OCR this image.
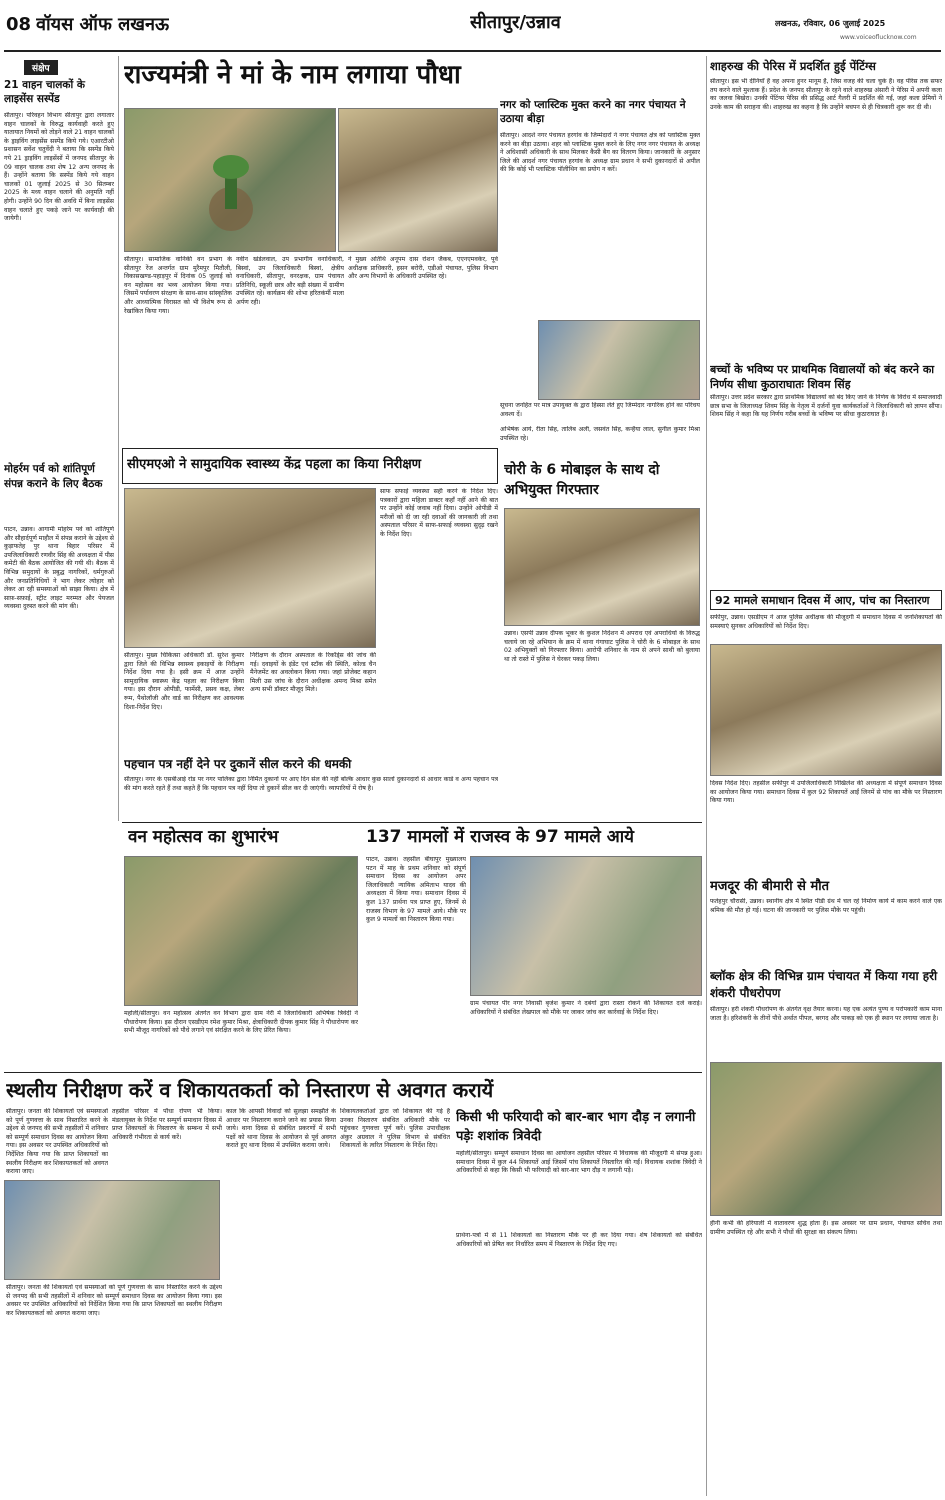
08 वॉयस ऑफ लखनऊ	सीतापुर/उन्नाव	लखनऊ, रविवार, 06 जुलाई 2025
www.voiceoflucknow.com
संक्षेप
21 वाहन चालकों के लाइसेंस सस्पेंड
सीतापुर। परिवहन विभाग सीतापुर द्वारा लगातार वाहन चालकों के विरुद्ध कार्यवाही करते हुए यातायात नियमों को तोड़ने वाले 21 वाहन चालकों के ड्राइविंग लाइसेंस सस्पेंड किये गये। एआरटीओ प्रशासन सर्वेश चतुर्वेदी ने बताया कि सस्पेंड किये गये 21 ड्राइविंग लाइसेंसों में जनपद सीतापुर के 09 वाहन चालक तथा शेष 12 अन्य जनपद के हैं। उन्होंने बताया कि सस्पेंड किये गये वाहन चालकों 01 जुलाई 2025 से 30 सितम्बर 2025 के मध्य वाहन चलाने की अनुमति नहीं होगी। उन्होंने 90 दिन की अवधि में बिना लाइसेंस वाहन चलाते हुए पकड़े जाने पर कार्यवाही की जायेगी।
मोहर्रम पर्व को शांतिपूर्ण संपन्न कराने के लिए बैठक
पाटन, उन्नाव। आगामी मोहर्रम पर्व को शांतिपूर्ण और सौहार्दपूर्ण माहौल में संपन्न कराने के उद्देश्य से कुड़ाफतेह पुर थाना बिहार परिसर में उपजिलाधिकारी रणवीर सिंह की अध्यक्षता में पीस कमेटी की बैठक आयोजित की गयी थी। बैठक में विभिन्न समुदायों के प्रबुद्ध नागरिकों, धर्मगुरुओं और जनप्रतिनिधियों ने भाग लेकर त्योहार को लेकर आ रही समस्याओं को साझा किया। क्षेत्र में साफ़-सफ़ाई, स्ट्रीट लाइट मरम्मत और पेयजल व्यवस्था दुरुस्त करने की मांग की।
राज्यमंत्री ने मां के नाम लगाया पौधा
सीतापुर। सामाजिक वानिकी वन प्रभाग के सीतापुर रेंज अन्तर्गत ग्राम मुरैमपुर मितौली, विकासखण्ड-पहाड़पुर में दिनांक 05 जुलाई को वन महोत्सव का भव्य आयोजन किया गया। जिसमें पर्यावरण संरक्षण के साथ-साथ सांस्कृतिक और आध्यात्मिक विरासत को भी विशेष रूप से रेखांकित किया गया।
नवीन खंडेलवाल, उप प्रभागीय वनाधिकारी, बिस्वां, उप जिलाधिकारी बिस्वां, क्षेत्रीय वनाधिकारी, सीतापुर, वनरक्षक, ग्राम पंचायत प्रतिनिधि, स्कूली छात्र और बड़ी संख्या में ग्रामीण उपस्थित रहे। कार्यक्रम की शोभा हरितकंर्मी माला अर्पण रही।
ने मुख्य अतिथि अनूपम दास रोशन जैकब, एएनएमवर्कर, पूर्व अधीक्षक प्राधिकारी, हसन बरोरी, एडीओ पंचायत, पुलिस विभाग और अन्य विभागों के अधिकारी उपस्थित रहे।
नगर को प्लास्टिक मुक्त करने का नगर पंचायत ने उठाया बीड़ा
सीतापुर। आदर्श नगर पंचायत हरगांव के जिम्मेदारों ने नगर पंचायत क्षेत्र को प्लास्टिक मुक्त करने का बीड़ा उठाया। शहर को प्लास्टिक मुक्त करने के लिए नगर नगर पंचायत के अध्यक्ष ने अधिशासी अधिकारी के साथ मिलकर कैसी बैग का वितरण किया। जानकारी के अनुसार जिले की आदर्श नगर पंचायत हरगांव के अध्यक्ष ग्राम प्रधान ने सभी दुकानदारों से अपील की कि कोई भी प्लास्टिक पॉलीथिन का प्रयोग न करें।
सूचना जनहित पर मात्र उपायुक्त के द्वारा हिस्सा लेते हुए जिम्मेदार नागरिक होने का परिचय अवश्य दें।
अभिषेक आर्य, रीता सिंह, तालिब अली, जसवंत सिंह, कन्हैया लाल, सुनील कुमार मिश्रा उपस्थित रहे।
सीएमएओ ने सामुदायिक स्वास्थ्य केंद्र पहला का किया निरीक्षण
सीतापुर। मुख्य चिकित्सा अधिकारी डॉ. सुरेश कुमार द्वारा जिले की विभिन्न स्वास्थ्य इकाइयों के निरीक्षण निर्देश दिया गया है। इसी क्रम में आज उन्होंने सामुदायिक स्वास्थ्य केंद्र पहला का निरीक्षण किया गया। इस दौरान ओपीडी, फार्मेसी, प्रसव कक्ष, लेबर रूम, पैथोलॉजी और वार्ड का निरीक्षण कर आवश्यक दिशा-निर्देश दिए।
निरीक्षण के दौरान अस्पताल के रिकॉर्ड्स की जांच की गई। दवाइयों के इंडेंट एवं स्टॉक की स्थिति, कोल्ड चैन मैनेजमेंट का अवलोकन किया गया। जहां प्रोजेक्ट कहान मिली उस जांच के दौरान अधीक्षक अमन्द मिश्रा समेत अन्य सभी डॉक्टर मौजूद मिले।
साफ सफाई व्यवस्था सही करने के निर्देश दिए। पत्रकारों द्वारा महिला डाक्टर कहाँ नहीं आने की बात पर उन्होंने कोई जवाब नहीं दिया। उन्होंने ओपीडी में मरीजों को दी जा रही दवाओं की जानकारी ली तथा अस्पताल परिसर में साफ-सफाई व्यवस्था सुदृढ़ रखने के निर्देश दिए।
चोरी के 6 मोबाइल के साथ दो अभियुक्त गिरफ्तार
उन्नाव। एसपी उन्नाव दीपक भूकर के कुशल निर्देशन में अपराध एवं अपराधियों के विरुद्ध चलाये जा रहे अभियान के क्रम में थाना गंगाघाट पुलिस ने चोरी के 6 मोबाइल के साथ 02 अभियुक्तों को गिरफ्तार किया। आरोपी शनिवार के नाम से अपने साथी को बुलाया था तो रास्ते में पुलिस ने घेरकर पकड़ लिया।
पहचान पत्र नहीं देने पर दुकानें सील करने की धमकी
सीतापुर। नगर के एसबीआई रोड पर नगर पालिका द्वारा निर्मित दुकानों पर आए दिन सेल की नहीं बल्कि आधार कुछ सालों दुकानदारों से आधार कार्ड व अन्य पहचान पत्र की मांग करते रहते हैं तथा कहते हैं कि पहचान पत्र नहीं दिया तो दुकानें सील कर दी जाएंगी। व्यापारियों में रोष है।
वन महोत्सव का शुभारंभ
महोली/सीतापुर। वन महोत्सव अंतर्गत वन विभाग द्वारा ग्राम नेरी में जिलाधिकारी अभिषेक त्रिवेदी ने पौधारोपण किया। इस दौरान एसडीएम रमेश कुमार मिश्रा, क्षेत्राधिकारी दीपक कुमार सिंह ने पौधारोपण कर सभी मौजूद नागरिकों को पौधे लगाने एवं संरक्षित करने के लिए प्रेरित किया।
137 मामलों में राजस्व के 97 मामले आये
पाटन, उन्नाव। तहसील बीघापुर मुख्यालय पटन में माह के प्रथम शनिवार को संपूर्ण समाधान दिवस का आयोजन अपर जिलाधिकारी न्यायिक अमिताभ यादव की अध्यक्षता में किया गया। समाधान दिवस में कुल 137 प्रार्थना पत्र प्राप्त हुए, जिनमें से राजस्व विभाग के 97 मामले आये। मौके पर कुल 9 मामलों का निस्तारण किया गया।
ग्राम पंचायत पीर नगर निवासी बृजेश कुमार ने दबंगों द्वारा रास्ता रोकने की शिकायत दर्ज कराई। अधिकारियों ने संबंधित लेखपाल को मौके पर जाकर जांच कर कार्रवाई के निर्देश दिए।
स्थलीय निरीक्षण करें व शिकायतकर्ता को निस्तारण से अवगत करायें
सीतापुर। जनता की शिकायतों एवं समस्याओं को पूर्ण गुणवत्ता के साथ निस्तारित करने के उद्देश्य से जनपद की सभी तहसीलों में शनिवार को सम्पूर्ण समाधान दिवस का आयोजन किया गया। इस अवसर पर उपस्थित अधिकारियों को निर्देशित किया गया कि प्राप्त शिकायतों का स्थलीय निरीक्षण कर शिकायतकर्ता को अवगत कराया जाए।
तहसील परिसर में पौधा रोपण भी किया। मंडलायुक्त के निर्देश पर सम्पूर्ण समाधान दिवस में प्राप्त शिकायतों के निस्तारण के सम्बन्ध में सभी अधिकारी गंभीरता से कार्य करें।
काल कि आपसी विवादों को सुलझा समझौते के आधार पर निस्तारण कराने जाने का प्रयास किया जाये। थाना दिवस से संबंधित प्रकरणों में सभी पक्षों को थाना दिवस के आयोजन से पूर्व अवगत कराते हुए थाना दिवस में उपस्थित कराया जाये।
शिकायतकर्ताओं द्वारा जो शिकायत की गई है उनका निस्तारण संबंधित अधिकारी मौके पर पहुंचकर गुणवत्ता पूर्ण करें। पुलिस उपाधीक्षक अंकुर अग्रवाल ने पुलिस विभाग से संबंधित शिकायतों के त्वरित निस्तारण के निर्देश दिए।
सीतापुर। जनता की शिकायतों एवं समस्याओं को पूर्ण गुणवत्ता के साथ निस्तारित करने के उद्देश्य से जनपद की सभी तहसीलों में शनिवार को सम्पूर्ण समाधान दिवस का आयोजन किया गया। इस अवसर पर उपस्थित अधिकारियों को निर्देशित किया गया कि प्राप्त शिकायतों का स्थलीय निरीक्षण कर शिकायतकर्ता को अवगत कराया जाए।
किसी भी फरियादी को बार-बार भाग दौड़ न लगानी पड़ेः शशांक त्रिवेदी
महोली/सीतापुर। सम्पूर्ण समाधान दिवस का आयोजन तहसील परिसर में विधायक की मौजूदगी में संपन्न हुआ। समाधान दिवस में कुल 44 शिकायतें आई जिसमें पांच शिकायतें निस्तारित की गईं। विधायक शशांक त्रिवेदी ने अधिकारियों से कहा कि किसी भी फरियादी को बार-बार भाग दौड़ न लगानी पड़े।
प्रार्थना-पत्रों में से 11 शिकायतों का निस्तारण मौके पर ही कर दिया गया। शेष शिकायतों को संबंधित अधिकारियों को प्रेषित कर निर्धारित समय में निस्तारण के निर्देश दिए गए।
शाहरुख की पेरिस में प्रदर्शित हुई पेंटिंग्स
सीतापुर। इस भी दीनियाँ हैं वह अपना हुनर मानूम है, जिस वजह की चला चुके हैं। वह पेरिस तक सफर तय करने वाले मुश्ताक हैं। प्रदेश के जनपद सीतापुर के रहने वाले शाहरुख अंसारी ने पेरिस में अपनी कला का जलवा बिखेरा। उनकी पेंटिंग्स पेरिस की प्रसिद्ध आर्ट गैलरी में प्रदर्शित की गईं, जहां कला प्रेमियों ने उनके काम की सराहना की। शाहरुख का कहना है कि उन्होंने बचपन से ही चित्रकारी शुरू कर दी थी।
बच्चों के भविष्य पर प्राथमिक विद्यालयों को बंद करने का निर्णय सीधा कुठाराघातः शिवम सिंह
सीतापुर। उत्तर प्रदेश सरकार द्वारा प्राथमिक विद्यालयों को बंद किए जाने के निर्णय के विरोध में समाजवादी छात्र सभा के जिलाध्यक्ष शिवम सिंह के नेतृत्व में दर्जनों युवा कार्यकर्ताओं ने जिलाधिकारी को ज्ञापन सौंपा। शिवम सिंह ने कहा कि यह निर्णय गरीब बच्चों के भविष्य पर सीधा कुठाराघात है।
92 मामले समाधान दिवस में आए, पांच का निस्तारण
सफीपुर, उन्नाव। एसडीएम ने आज पुलिस अधीक्षक की मौजूदगी में समाधान दिवस में जनशिकायतों की समस्याएं सुनकर अधिकारियों को निर्देश दिए।
दिवस निर्देश दिए। तहसील सफीपुर में उपजिलाधिकारी निखिलेश की अध्यक्षता में संपूर्ण समाधान दिवस का आयोजन किया गया। समाधान दिवस में कुल 92 शिकायतें आईं जिनमें से पांच का मौके पर निस्तारण किया गया।
मजदूर की बीमारी से मौत
फतेहपुर चौरासी, उन्नाव। स्थानीय क्षेत्र में स्थित पीडी ग्रंथ में चल रहे निर्माण कार्य में काम करने वाले एक श्रमिक की मौत हो गई। घटना की जानकारी पर पुलिस मौके पर पहुंची।
ब्लॉक क्षेत्र की विभिन्न ग्राम पंचायत में किया गया हरी शंकरी पौधरोपण
सीतापुर। हरी शंकरी पौधरोपण के अंतर्गत वृक्ष तैयार करना। यह एक अत्यंत पुण्य व परोपकारी काम माना जाता है। हरिशंकरी के तीनों पौधे अर्थात पीपल, बरगद और पाकड़ को एक ही स्थान पर लगाया जाता है।
हीनी कभी की हरियाली में वातावरण शुद्ध होता है। इस अवसर पर ग्राम प्रधान, पंचायत सचिव तथा ग्रामीण उपस्थित रहे और सभी ने पौधों की सुरक्षा का संकल्प लिया।
